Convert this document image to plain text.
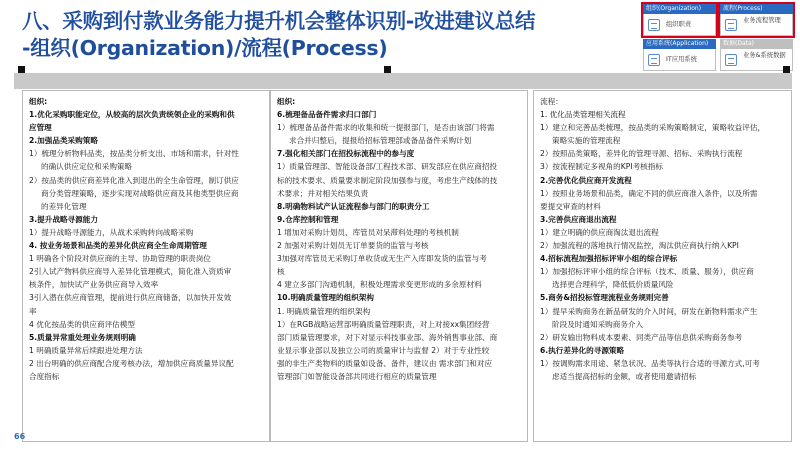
八、采购到付款业务能力提升机会整体识别-改进建议总结
-组织(Organization)/流程(Process)
组织(Organization)
组织职责
流程(Process)
业务流程管理
应用系统(Application)
IT应用系统
数据(Data)
业务&系统数据
组织:
1.优化采购职能定位，从较高的层次负责统领企业的采购和供
应管理
2.加强品类采购策略
1）梳理分析物料品类，按品类分析支出、市场和需求，针对性
的确认供应定位和采购策略
2）按品类的供应商差异化准入到退出的全生命管理，制订供应
商分类管理策略，逐步实现对战略供应商及其他类型供应商
的差异化管理
3.提升战略寻源能力
1）提升战略寻源能力，从战术采购转向战略采购
4. 按业务场景和品类的差异化供应商全生命周期管理
1 明确各个阶段对供应商的主导、协助管理的职责岗位
2引入试产物料供应商导入差异化管理模式，简化准入资质审
核条件，加快试产业务供应商导入效率
3引入潜在供应商管理，提前进行供应商储备，以加快开发效
率
4 优化按品类的供应商评估模型
5.质量异常重处理业务规则明确
1 明确质量异常后续跟进处理方法
2 出台明确的供应商配合度考核办法，增加供应商质量异议配
合度指标
组织:
6.梳理备品备件需求归口部门
1）梳理备品备件需求的收集和统一提报部门，是否由该部门将需
求合并归整后，提报给招标管理部或备品备件采购计划
7.强化相关部门在招投标流程中的参与度
1）质量管理部、智能设备部/工程技术部、研发部应在供应商招投
标的技术要求、质量要求制定阶段加强参与度，考虑生产线体的技
术要求；并对相关结果负责
8.明确物料试产认证流程参与部门的职责分工
9.仓库控制和管理
1 增加对采购计划员、库管员对呆滞料处理的考核机制
2 加强对采购计划员无订单要货的监管与考核
3加强对库管员无采购订单收货或无生产入库即发货的监管与考
核
4 建立多部门沟通机制，积极处理需求变更形成的多余原材料
10.明确质量管理的组织架构
1. 明确质量管理的组织架构
1）在RGB战略运营部明确质量管理职责，对上对接xx集团经营
部门质量管理要求，对下对显示科技事业部、海外销售事业部、商
业显示事业部以及独立公司的质量审计与监督 2）对于专业性较
强的非生产类物料的质量如设备、备件，建议由 需求部门和对应
管理部门如智能设备部共同进行相应的质量管理
流程：
1. 优化品类管理相关流程
1）建立和完善品类梳理，按品类的采购策略制定，策略收益评估，
策略实施的管理流程
2）按照品类策略，差异化的管理寻源、招标、采购执行流程
3）按流程制定多视角的KPI考核指标
2.完善优化供应商开发流程
1）按照业务场景和品类，确定不同的供应商准入条件，以及所需
要提交审查的材料
3.完善供应商退出流程
1）建立明确的供应商淘汰退出流程
2）加强流程的落地执行情况监控，淘汰供应商执行纳入KPI
4.招标流程加强招标评审小组的综合评标
1）加强招标评审小组的综合评标（技术、质量、服务），供应商
选择更合理科学，降低低价质量风险
5.商务&招投标管理流程业务规则完善
1）提早采购商务在新品研发的介入时间，研发在新物料需求产生
阶段及时通知采购商务介入
2）研发输出物料成本要素、同类产品等信息供采购商务参考
6.执行差异化的寻源策略
1）按调购需求用途、紧急状况、品类等执行合适的寻源方式,可考
虑适当提高招标的金额，或者使用邀请招标
66
